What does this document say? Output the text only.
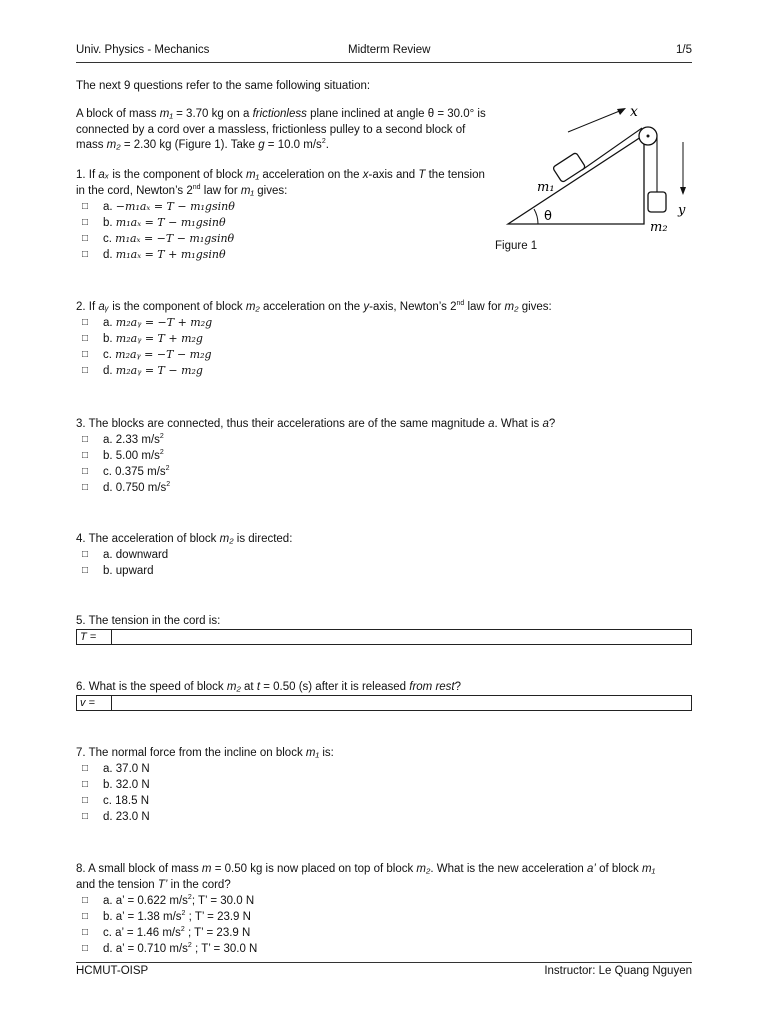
Univ. Physics - Mechanics	Midterm Review	1/5
The next 9 questions refer to the same following situation:
A block of mass m₁ = 3.70 kg on a frictionless plane inclined at angle θ = 30.0° is connected by a cord over a massless, frictionless pulley to a second block of mass m₂ = 2.30 kg (Figure 1). Take g = 10.0 $m/s^2$.
x
y
m₁
m₂
θ
Figure 1
1. If aₓ is the component of block m₁ acceleration on the x-axis and T the tension in the cord, Newton’s 2nd law for m₁ gives:
□ a. −m₁aₓ = T − m₁gsinθ
□ b. m₁aₓ = T − m₁gsinθ
□ c. m₁aₓ = −T − m₁gsinθ
□ d. m₁aₓ = T + m₁gsinθ
2. If aᵧ is the component of block m₂ acceleration on the y-axis, Newton’s 2nd law for m₂ gives:
□ a. m₂aᵧ = −T + m₂g
□ b. m₂aᵧ = T + m₂g
□ c. m₂aᵧ = −T − m₂g
□ d. m₂aᵧ = T − m₂g
3. The blocks are connected, thus their accelerations are of the same magnitude a. What is a?
□ a. 2.33 $m/s^2$
□ b. 5.00 $m/s^2$
□ c. 0.375 $m/s^2$
□ d. 0.750 $m/s^2$
4. The acceleration of block m₂ is directed:
□ a. downward
□ b. upward
5. The tension in the cord is:
T =
6. What is the speed of block m₂ at t = 0.50 (s) after it is released from rest?
v =
7. The normal force from the incline on block m₁ is:
□ a. 37.0 N
□ b. 32.0 N
□ c. 18.5 N
□ d. 23.0 N
8. A small block of mass m = 0.50 kg is now placed on top of block m₂. What is the new acceleration a’ of block m₁
and the tension T’ in the cord?
□ a. a’ = 0.622 $m/s^2$; T’ = 30.0 N
□ b. a’ = 1.38 $m/s^2$ ; T’ = 23.9 N
□ c. a’ = 1.46 $m/s^2$ ; T’ = 23.9 N
□ d. a’ = 0.710 $m/s^2$ ; T’ = 30.0 N
HCMUT-OISP	Instructor: Le Quang Nguyen
